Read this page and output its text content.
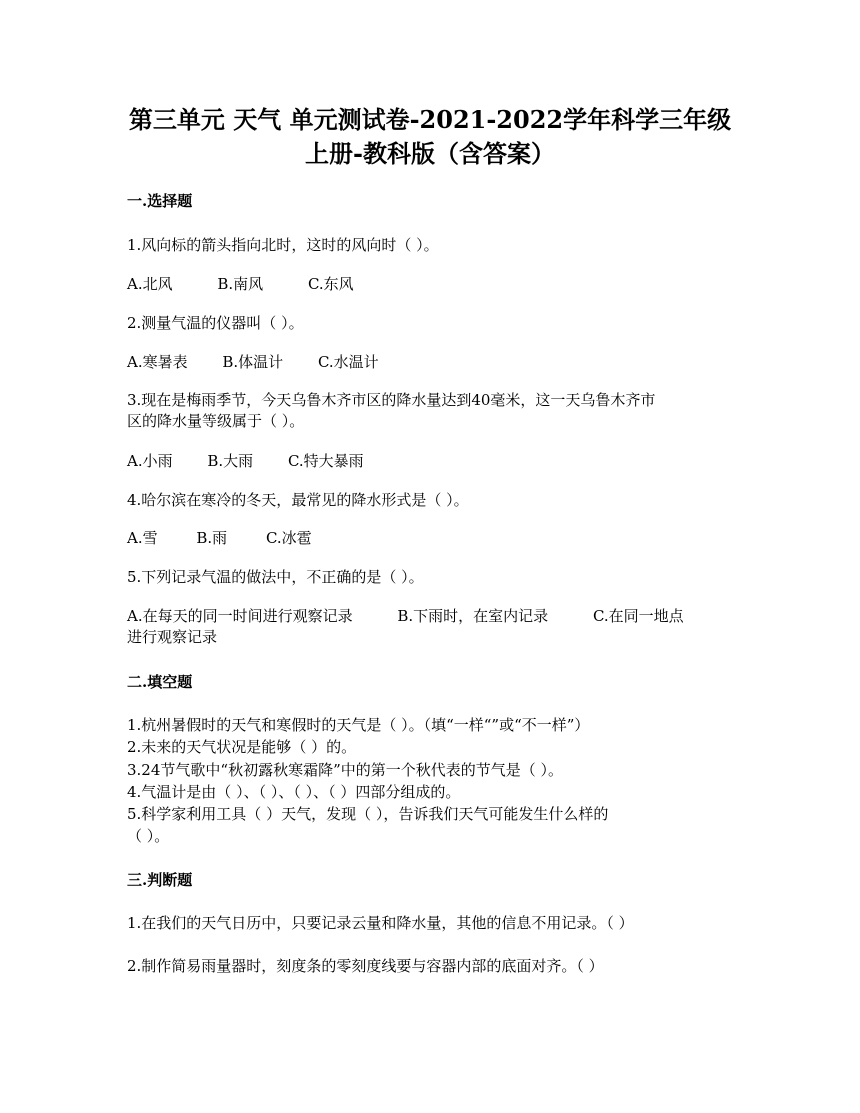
第三单元 天气 单元测试卷-2021-2022学年科学三年级
上册-教科版（含答案）
一.选择题
1.风向标的箭头指向北时，这时的风向时（ ）。
A.北风	B.南风	C.东风
2.测量气温的仪器叫（ ）。
A.寒暑表 B.体温计 C.水温计
3.现在是梅雨季节，今天乌鲁木齐市区的降水量达到40毫米，这一天乌鲁木齐市
区的降水量等级属于（ ）。
A.小雨 B.大雨 C.特大暴雨
4.哈尔滨在寒冷的冬天，最常见的降水形式是（ ）。
A.雪	B.雨	C.冰雹
5.下列记录气温的做法中，不正确的是（ ）。
A.在每天的同一时间进行观察记录	B.下雨时，在室内记录	C.在同一地点
进行观察记录
二.填空题
1.杭州暑假时的天气和寒假时的天气是（ ）。（填“一样“”或“不一样”）
2.未来的天气状况是能够（ ）的。
3.24节气歌中“秋初露秋寒霜降”中的第一个秋代表的节气是（ ）。
4.气温计是由（ ）、（ ）、（ ）、（ ）四部分组成的。
5.科学家利用工具（ ）天气，发现（ ），告诉我们天气可能发生什么样的
（ ）。
三.判断题
1.在我们的天气日历中，只要记录云量和降水量，其他的信息不用记录。（ ）
2.制作简易雨量器时，刻度条的零刻度线要与容器内部的底面对齐。（ ）
